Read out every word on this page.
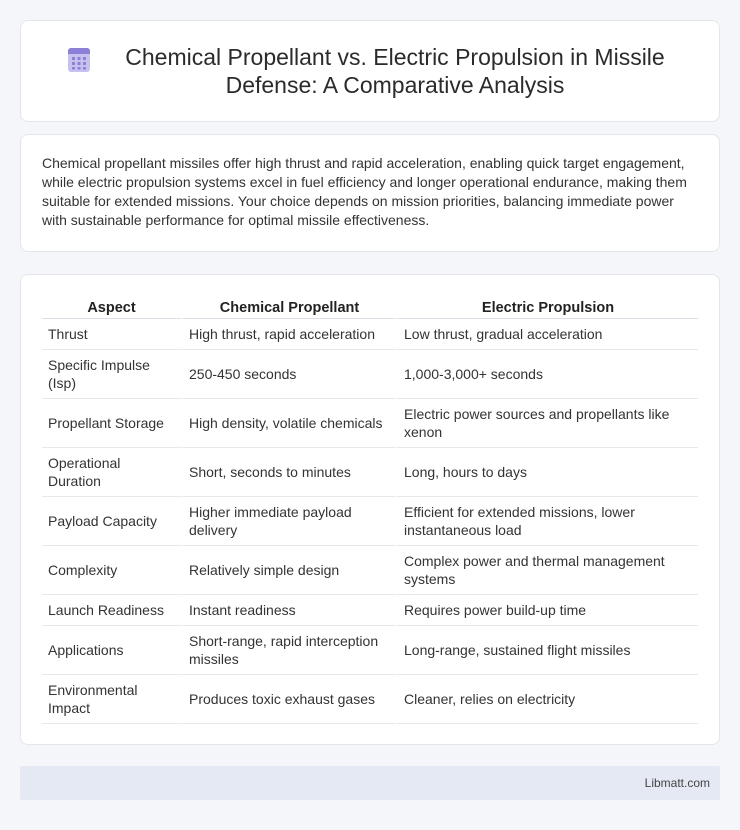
Chemical Propellant vs. Electric Propulsion in Missile Defense: A Comparative Analysis

Chemical propellant missiles offer high thrust and rapid acceleration, enabling quick target engagement, while electric propulsion systems excel in fuel efficiency and longer operational endurance, making them suitable for extended missions. Your choice depends on mission priorities, balancing immediate power with sustainable performance for optimal missile effectiveness.

Aspect	Chemical Propellant	Electric Propulsion
Thrust	High thrust, rapid acceleration	Low thrust, gradual acceleration
Specific Impulse (Isp)	250-450 seconds	1,000-3,000+ seconds
Propellant Storage	High density, volatile chemicals	Electric power sources and propellants like xenon
Operational Duration	Short, seconds to minutes	Long, hours to days
Payload Capacity	Higher immediate payload delivery	Efficient for extended missions, lower instantaneous load
Complexity	Relatively simple design	Complex power and thermal management systems
Launch Readiness	Instant readiness	Requires power build-up time
Applications	Short-range, rapid interception missiles	Long-range, sustained flight missiles
Environmental Impact	Produces toxic exhaust gases	Cleaner, relies on electricity
Libmatt.com
